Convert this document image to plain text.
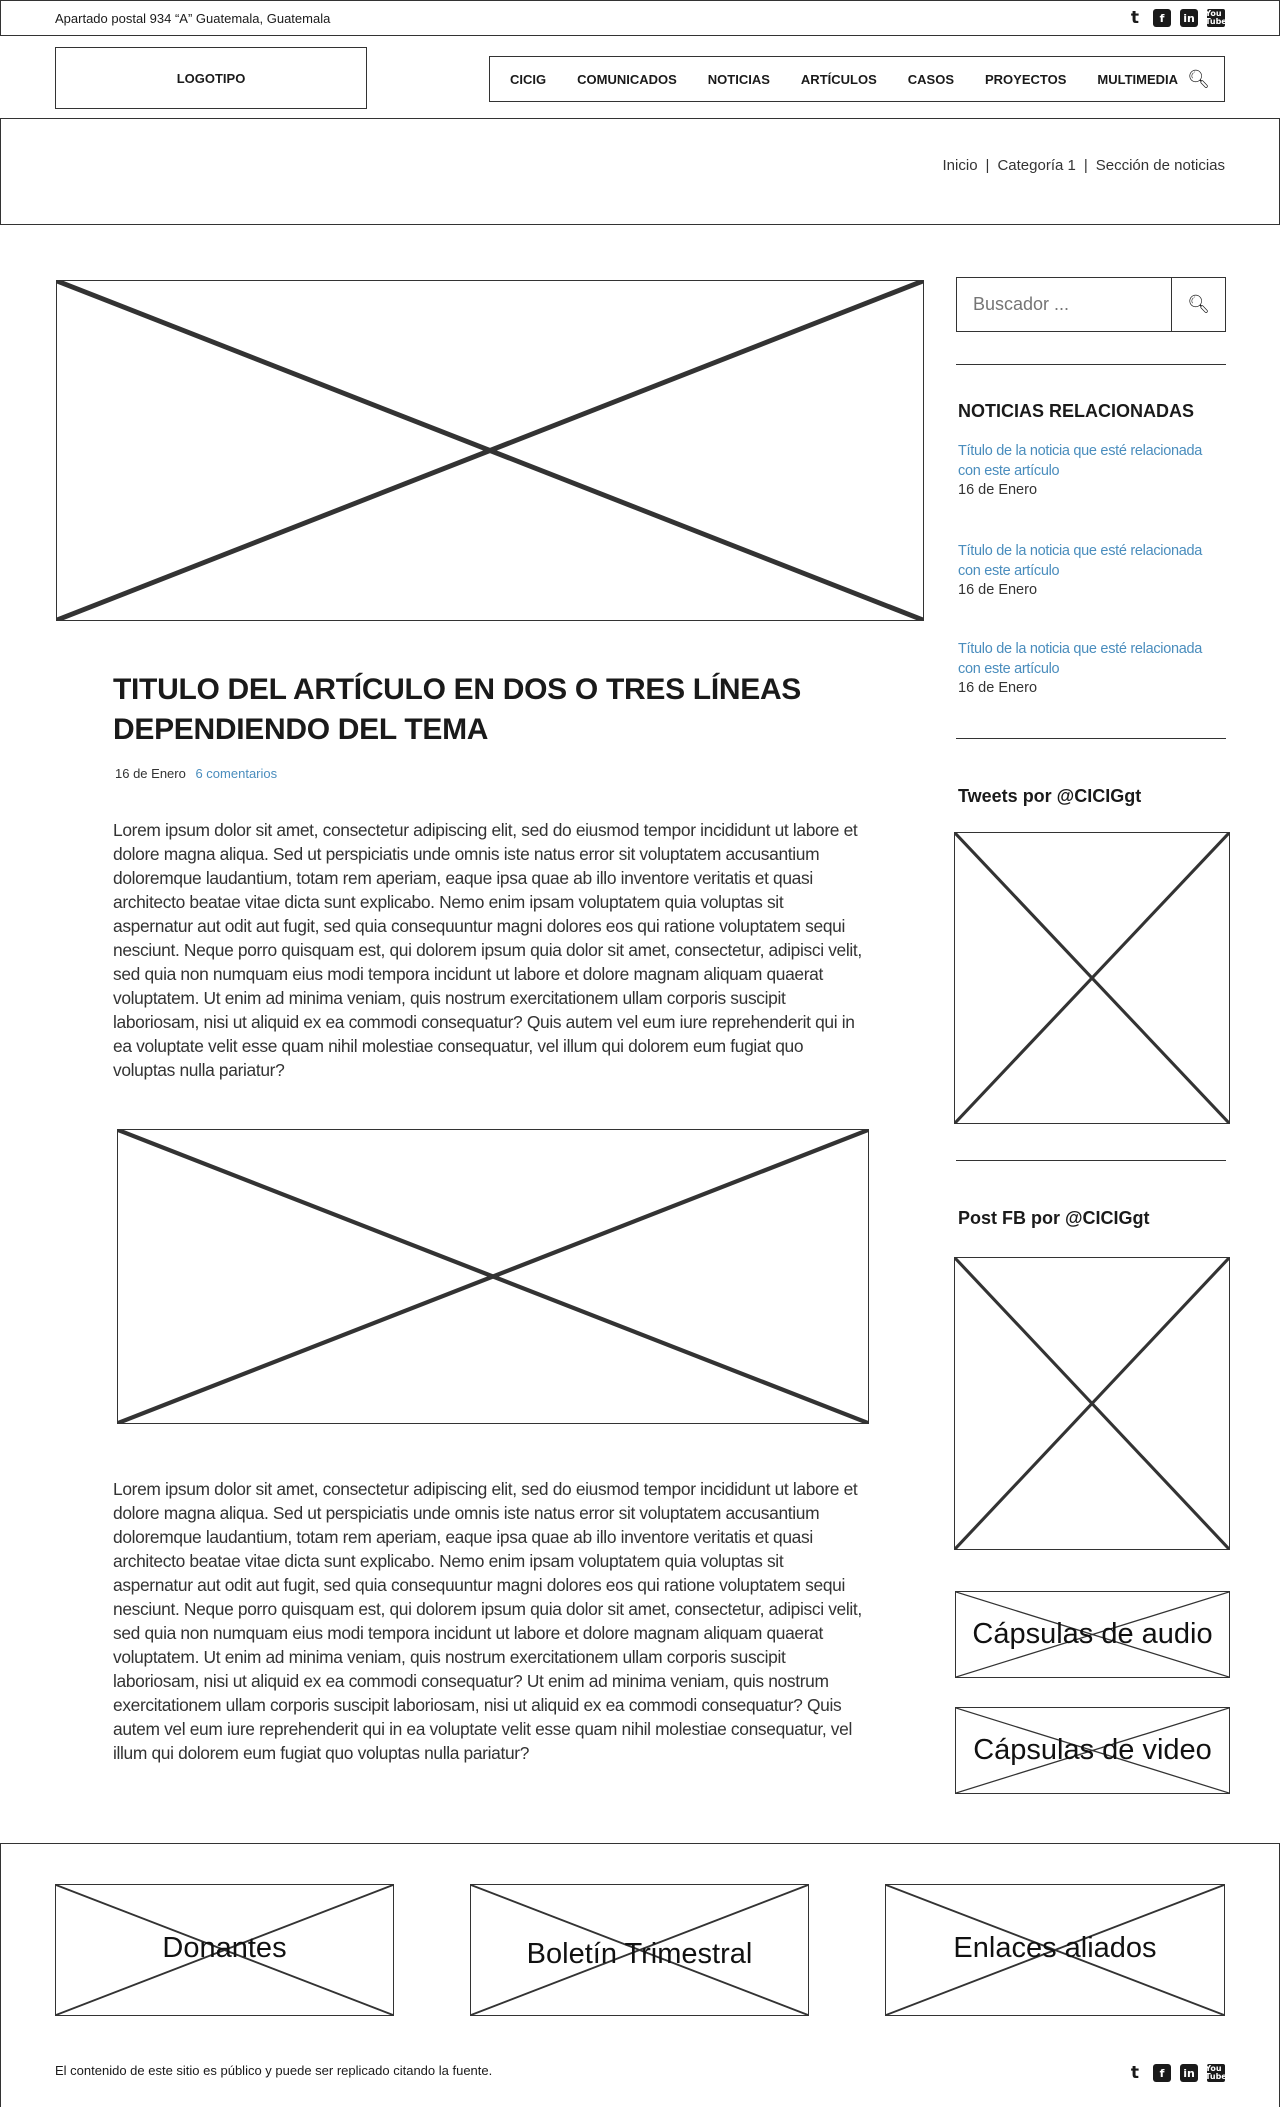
Apartado postal 934 “A” Guatemala, Guatemala	t	f	in	You Tube
LOGOTIPO	CICIG COMUNICADOS NOTICIAS ARTÍCULOS CASOS PROYECTOS MULTIMEDIA 🔍︎
Inicio | Categoría 1 | Sección de noticias
TITULO DEL ARTÍCULO EN DOS O TRES LÍNEAS DEPENDIENDO DEL TEMA
16 de Enero 6 comentarios
Lorem ipsum dolor sit amet, consectetur adipiscing elit, sed do eiusmod tempor incididunt ut labore et dolore magna aliqua. Sed ut perspiciatis unde omnis iste natus error sit voluptatem accusantium doloremque laudantium, totam rem aperiam, eaque ipsa quae ab illo inventore veritatis et quasi architecto beatae vitae dicta sunt explicabo. Nemo enim ipsam voluptatem quia voluptas sit aspernatur aut odit aut fugit, sed quia consequuntur magni dolores eos qui ratione voluptatem sequi nesciunt. Neque porro quisquam est, qui dolorem ipsum quia dolor sit amet, consectetur, adipisci velit, sed quia non numquam eius modi tempora incidunt ut labore et dolore magnam aliquam quaerat voluptatem. Ut enim ad minima veniam, quis nostrum exercitationem ullam corporis suscipit laboriosam, nisi ut aliquid ex ea commodi consequatur? Quis autem vel eum iure reprehenderit qui in ea voluptate velit esse quam nihil molestiae consequatur, vel illum qui dolorem eum fugiat quo voluptas nulla pariatur?
Lorem ipsum dolor sit amet, consectetur adipiscing elit, sed do eiusmod tempor incididunt ut labore et dolore magna aliqua. Sed ut perspiciatis unde omnis iste natus error sit voluptatem accusantium doloremque laudantium, totam rem aperiam, eaque ipsa quae ab illo inventore veritatis et quasi architecto beatae vitae dicta sunt explicabo. Nemo enim ipsam voluptatem quia voluptas sit aspernatur aut odit aut fugit, sed quia consequuntur magni dolores eos qui ratione voluptatem sequi nesciunt. Neque porro quisquam est, qui dolorem ipsum quia dolor sit amet, consectetur, adipisci velit, sed quia non numquam eius modi tempora incidunt ut labore et dolore magnam aliquam quaerat voluptatem. Ut enim ad minima veniam, quis nostrum exercitationem ullam corporis suscipit laboriosam, nisi ut aliquid ex ea commodi consequatur? Ut enim ad minima veniam, quis nostrum exercitationem ullam corporis suscipit laboriosam, nisi ut aliquid ex ea commodi consequatur? Quis autem vel eum iure reprehenderit qui in ea voluptate velit esse quam nihil molestiae consequatur, vel illum qui dolorem eum fugiat quo voluptas nulla pariatur?
Buscador ...
🔍︎
NOTICIAS RELACIONADAS
Título de la noticia que esté relacionada con este artículo
16 de Enero
Título de la noticia que esté relacionada con este artículo
16 de Enero
Título de la noticia que esté relacionada con este artículo
16 de Enero
Tweets por @CICIGgt
Post FB por @CICIGgt
Cápsulas de audio
Cápsulas de video
Donantes	Boletín Trimestral	Enlaces aliados
El contenido de este sitio es público y puede ser replicado citando la fuente.	t	f	in	You Tube
